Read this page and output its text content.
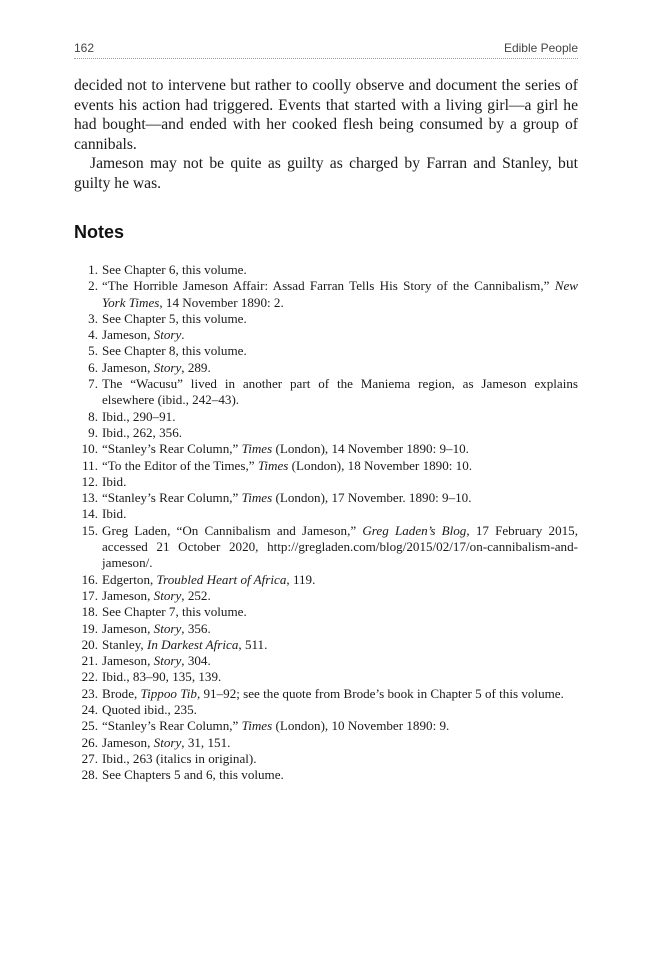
162	Edible People

decided not to intervene but rather to coolly observe and document the series of events his action had triggered. Events that started with a living girl—a girl he had bought—and ended with her cooked flesh being consumed by a group of cannibals.

Jameson may not be quite as guilty as charged by Farran and Stanley, but guilty he was.

Notes
1. See Chapter 6, this volume.
2. “The Horrible Jameson Affair: Assad Farran Tells His Story of the Cannibalism,” New York Times, 14 November 1890: 2.
3. See Chapter 5, this volume.
4. Jameson, Story.
5. See Chapter 8, this volume.
6. Jameson, Story, 289.
7. The “Wacusu” lived in another part of the Maniema region, as Jameson explains elsewhere (ibid., 242–43).
8. Ibid., 290–91.
9. Ibid., 262, 356.
10. “Stanley’s Rear Column,” Times (London), 14 November 1890: 9–10.
11. “To the Editor of the Times,” Times (London), 18 November 1890: 10.
12. Ibid.
13. “Stanley’s Rear Column,” Times (London), 17 November. 1890: 9–10.
14. Ibid.
15. Greg Laden, “On Cannibalism and Jameson,” Greg Laden’s Blog, 17 February 2015, accessed 21 October 2020, http://gregladen.com/blog/2015/02/17/on-cannibalism-and-jameson/.
16. Edgerton, Troubled Heart of Africa, 119.
17. Jameson, Story, 252.
18. See Chapter 7, this volume.
19. Jameson, Story, 356.
20. Stanley, In Darkest Africa, 511.
21. Jameson, Story, 304.
22. Ibid., 83–90, 135, 139.
23. Brode, Tippoo Tib, 91–92; see the quote from Brode’s book in Chapter 5 of this volume.
24. Quoted ibid., 235.
25. “Stanley’s Rear Column,” Times (London), 10 November 1890: 9.
26. Jameson, Story, 31, 151.
27. Ibid., 263 (italics in original).
28. See Chapters 5 and 6, this volume.
